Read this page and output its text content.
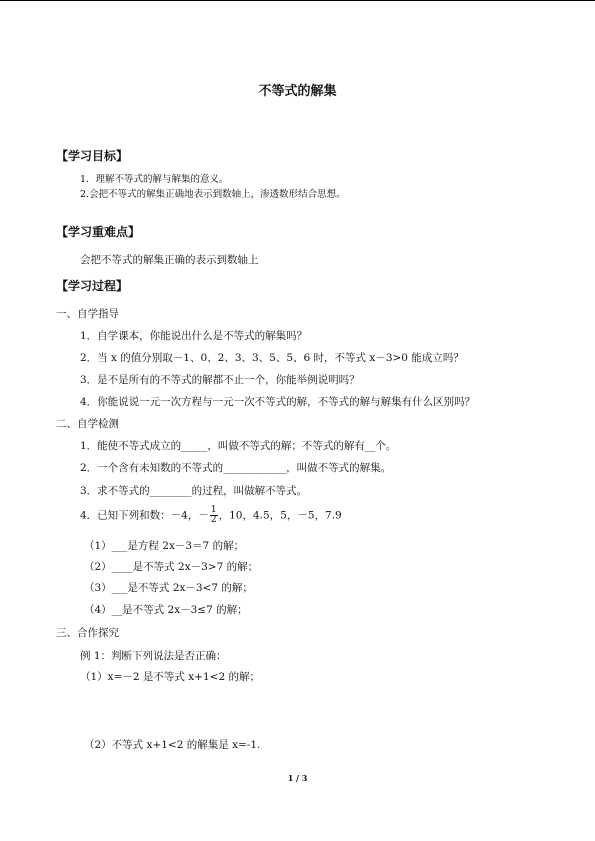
不等式的解集
【学习目标】
1．理解不等式的解与解集的意义。
2.会把不等式的解集正确地表示到数轴上，渗透数形结合思想。
【学习重难点】
会把不等式的解集正确的表示到数轴上
【学习过程】
一、自学指导
1．自学课本，你能说出什么是不等式的解集吗？
2．当 x 的值分别取－1、0、2、3、3、5、5、6 时，不等式 x－3>0 能成立吗？
3．是不是所有的不等式的解都不止一个，你能举例说明吗？
4．你能说说一元一次方程与一元一次不等式的解，不等式的解与解集有什么区别吗？
二、自学检测
1．能使不等式成立的_____，叫做不等式的解；不等式的解有__个。
2．一个含有未知数的不等式的____________，叫做不等式的解集。
3．求不等式的________的过程，叫做解不等式。
4．已知下列和数：－4，－ $\frac{1}{2}$ ，10，4.5，5，－5，7.9
（1）___是方程 2x－3＝7 的解；
（2）____是不等式 2x－3>7 的解；
（3）___是不等式 2x－3<7 的解；
（4）__是不等式 2x－3≤7 的解；
三、合作探究
例 1：判断下列说法是否正确：
（1）x=－2 是不等式 x+1<2 的解；
（2）不等式 x+1<2 的解集是 x=-1.
1 / 3
